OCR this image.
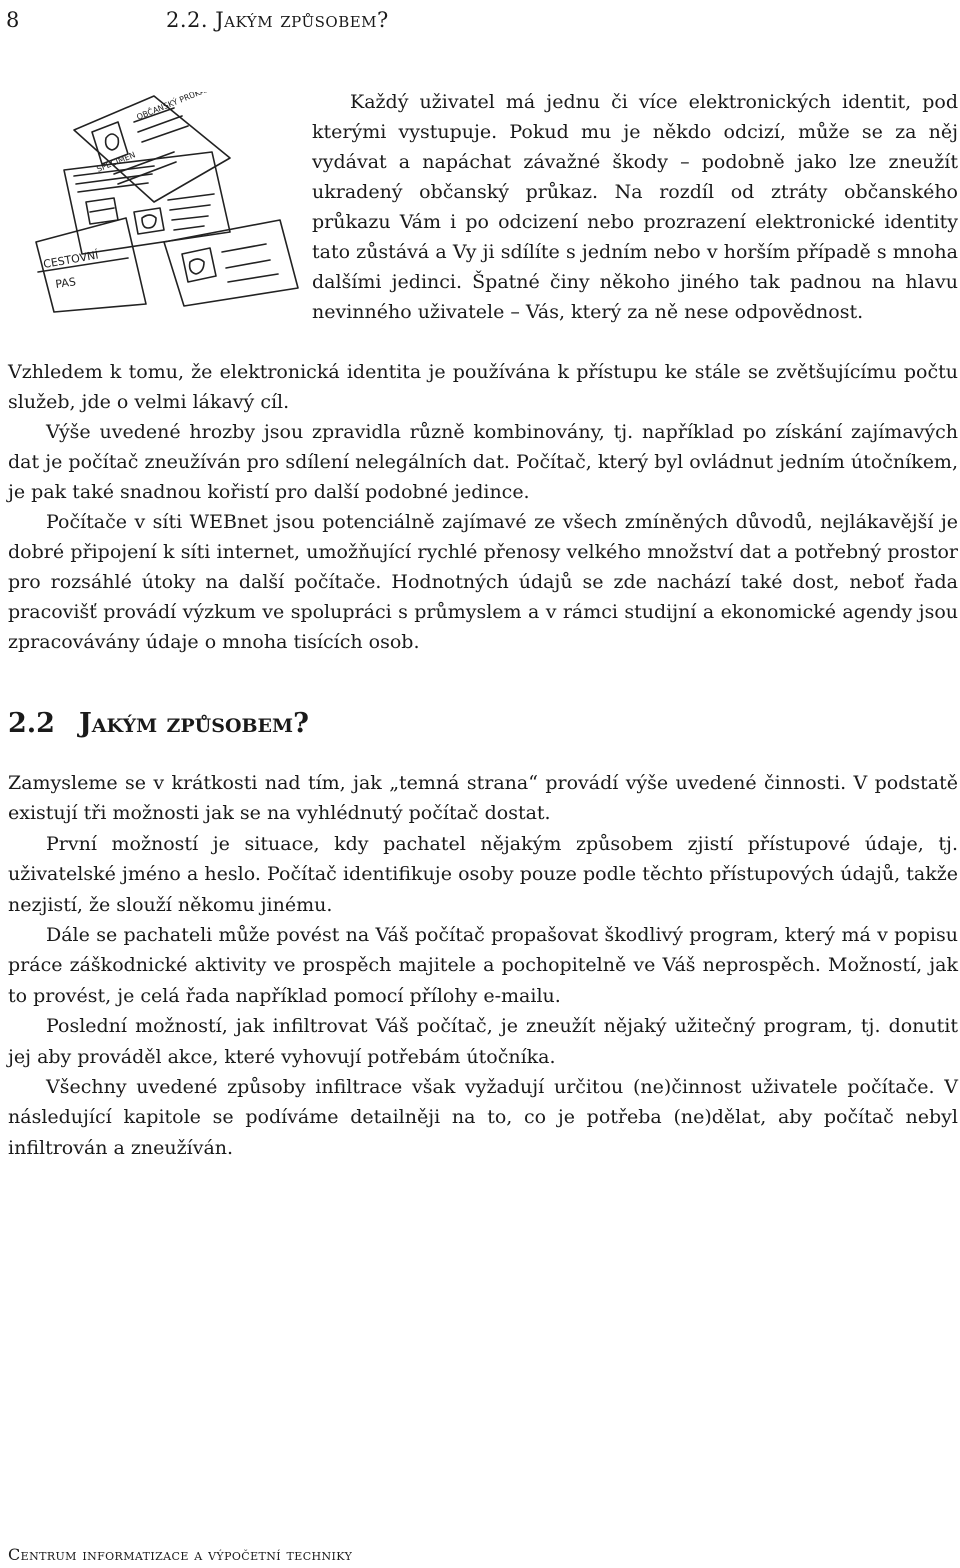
8	2.2. Jakým způsobem?
CESTOVNÍ
PAS
OBČANSKÝ PRŮKAZ
SPECIMEN

Každý uživatel má jednu či více elektronických identit, pod kterými vystupuje. Pokud mu je někdo odcizí, může se za něj vydávat a napáchat závažné škody – podobně jako lze zneužít ukradený občanský průkaz. Na rozdíl od ztráty občanského průkazu Vám i po odcizení nebo prozrazení elektronické identity tato zůstává a Vy ji sdílíte s jedním nebo v horším případě s mnoha dalšími jedinci. Špatné činy někoho jiného tak padnou na hlavu nevinného uživatele – Vás, který za ně nese odpovědnost.

Vzhledem k tomu, že elektronická identita je používána k přístupu ke stále se zvětšujícímu počtu služeb, jde o velmi lákavý cíl.

Výše uvedené hrozby jsou zpravidla různě kombinovány, tj. například po získání zajímavých dat je počítač zneužíván pro sdílení nelegálních dat. Počítač, který byl ovládnut jedním útočníkem, je pak také snadnou kořistí pro další podobné jedince.

Počítače v síti WEBnet jsou potenciálně zajímavé ze všech zmíněných důvodů, nejlákavější je dobré připojení k síti internet, umožňující rychlé přenosy velkého množství dat a potřebný prostor pro rozsáhlé útoky na další počítače. Hodnotných údajů se zde nachází také dost, neboť řada pracovišť provádí výzkum ve spolupráci s průmyslem a v rámci studijní a ekonomické agendy jsou zpracovávány údaje o mnoha tisících osob.

2.2 Jakým způsobem?

Zamysleme se v krátkosti nad tím, jak „temná strana“ provádí výše uvedené činnosti. V podstatě existují tři možnosti jak se na vyhlédnutý počítač dostat.

První možností je situace, kdy pachatel nějakým způsobem zjistí přístupové údaje, tj. uživatelské jméno a heslo. Počítač identifikuje osoby pouze podle těchto přístupových údajů, takže nezjistí, že slouží někomu jinému.

Dále se pachateli může povést na Váš počítač propašovat škodlivý program, který má v popisu práce záškodnické aktivity ve prospěch majitele a pochopitelně ve Váš neprospěch. Možností, jak to provést, je celá řada například pomocí přílohy e-mailu.

Poslední možností, jak infiltrovat Váš počítač, je zneužít nějaký užitečný program, tj. donutit jej aby prováděl akce, které vyhovují potřebám útočníka.

Všechny uvedené způsoby infiltrace však vyžadují určitou (ne)činnost uživatele počítače. V následující kapitole se podíváme detailněji na to, co je potřeba (ne)dělat, aby počítač nebyl infiltrován a zneužíván.

Centrum informatizace a výpočetní techniky
